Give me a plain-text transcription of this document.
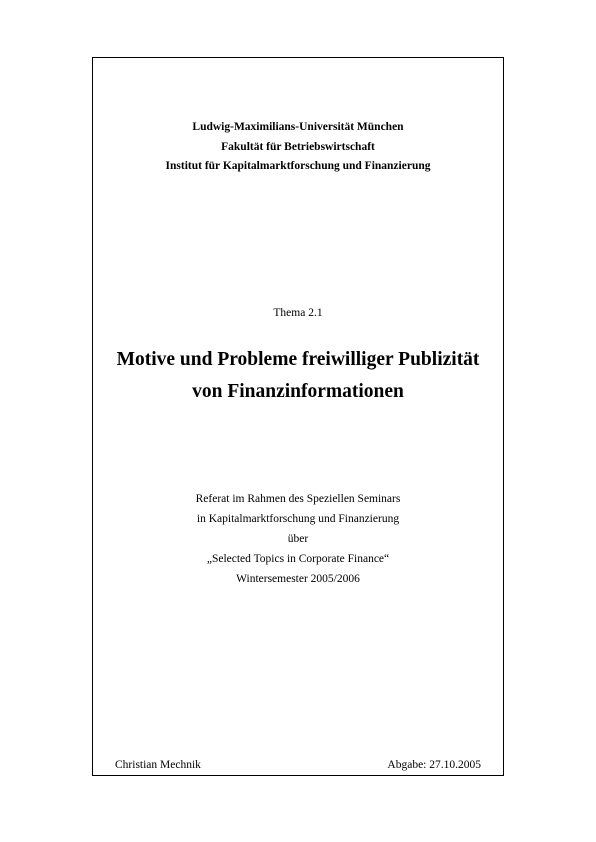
Ludwig-Maximilians-Universität München
Fakultät für Betriebswirtschaft
Institut für Kapitalmarktforschung und Finanzierung
Thema 2.1
Motive und Probleme freiwilliger Publizität
von Finanzinformationen
Referat im Rahmen des Speziellen Seminars
in Kapitalmarktforschung und Finanzierung
über
„Selected Topics in Corporate Finance“
Wintersemester 2005/2006
Christian Mechnik	Abgabe: 27.10.2005
